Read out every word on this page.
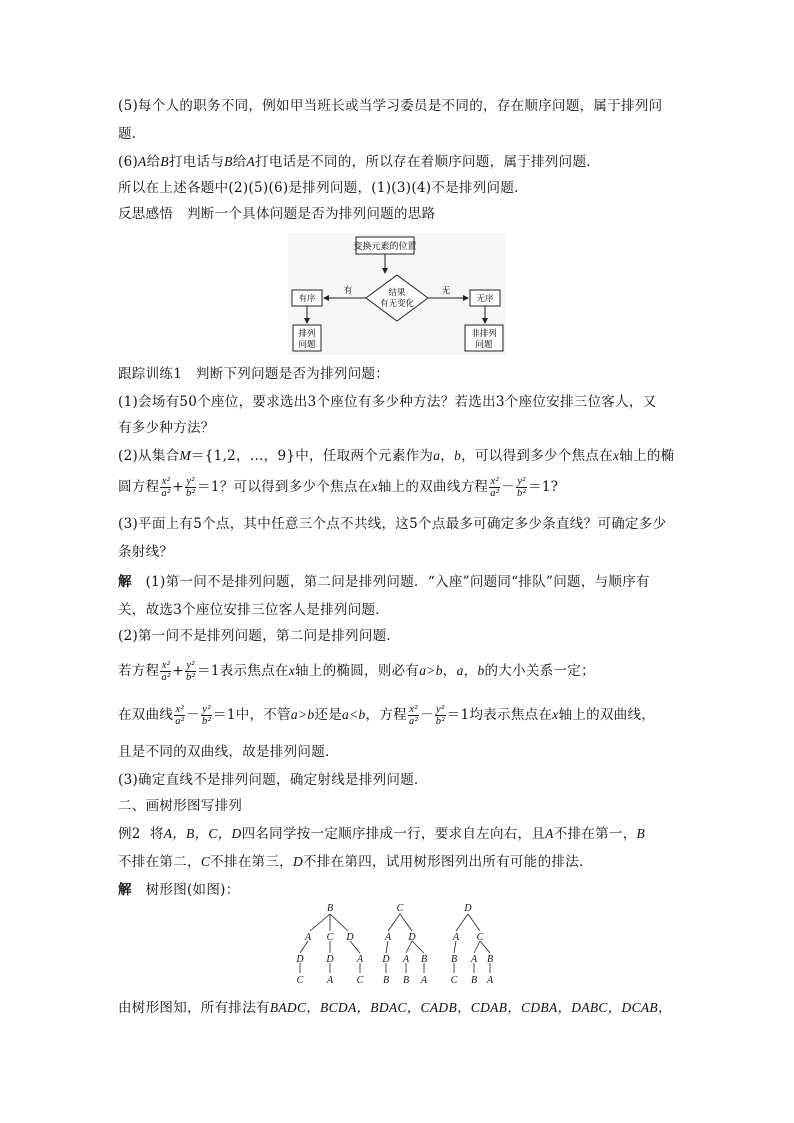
(5)每个人的职务不同，例如甲当班长或当学习委员是不同的，存在顺序问题，属于排列问
题．
(6)A给B打电话与B给A打电话是不同的，所以存在着顺序问题，属于排列问题．
所以在上述各题中(2)(5)(6)是排列问题，(1)(3)(4)不是排列问题．
反思感悟 判断一个具体问题是否为排列问题的思路
变换元素的位置
结果
有无变化
有	无
有序	无序
排列
问题
非排列
问题
跟踪训练1　判断下列问题是否为排列问题：
(1)会场有50个座位，要求选出3个座位有多少种方法？若选出3个座位安排三位客人，又
有多少种方法？
(2)从集合M＝{1,2，…，9}中，任取两个元素作为a，b，可以得到多少个焦点在x轴上的椭
圆方程 $\frac{\text{x²}}{\text{a²}} + \frac{\text{y²}}{\text{b²}} =1$？可以得到多少个焦点在x轴上的双曲线方程 $\frac{\text{x²}}{\text{a²}} - \frac{\text{y²}}{\text{b²}} =1$?
(3)平面上有5个点，其中任意三个点不共线，这5个点最多可确定多少条直线？可确定多少
条射线？
解 (1)第一问不是排列问题，第二问是排列问题．“入座”问题同“排队”问题，与顺序有
关，故选3个座位安排三位客人是排列问题．
(2)第一问不是排列问题，第二问是排列问题．
若方程 $\frac{\text{x²}}{\text{a²}} + \frac{\text{y²}}{\text{b²}} =1$表示焦点在x轴上的椭圆，则必有a>b，a，b的大小关系一定；
在双曲线 $\frac{\text{x²}}{\text{a²}} - \frac{\text{y²}}{\text{b²}} =1$中，不管a>b还是a<b，方程 $\frac{\text{x²}}{\text{a²}} - \frac{\text{y²}}{\text{b²}} =1$均表示焦点在x轴上的双曲线，
且是不同的双曲线，故是排列问题．
(3)确定直线不是排列问题，确定射线是排列问题．
二、画树形图写排列
例2 将A，B，C，D四名同学按一定顺序排成一行，要求自左向右，且A不排在第一，B
不排在第二，C不排在第三，D不排在第四，试用树形图列出所有可能的排法．
解 树形图(如图)：
B
A C D
D D A
C A C
C
A D
D A B
B B A
D
A C
B A B
C B A
由树形图知，所有排法有BADC，BCDA，BDAC，CADB，CDAB，CDBA，DABC，DCAB，
